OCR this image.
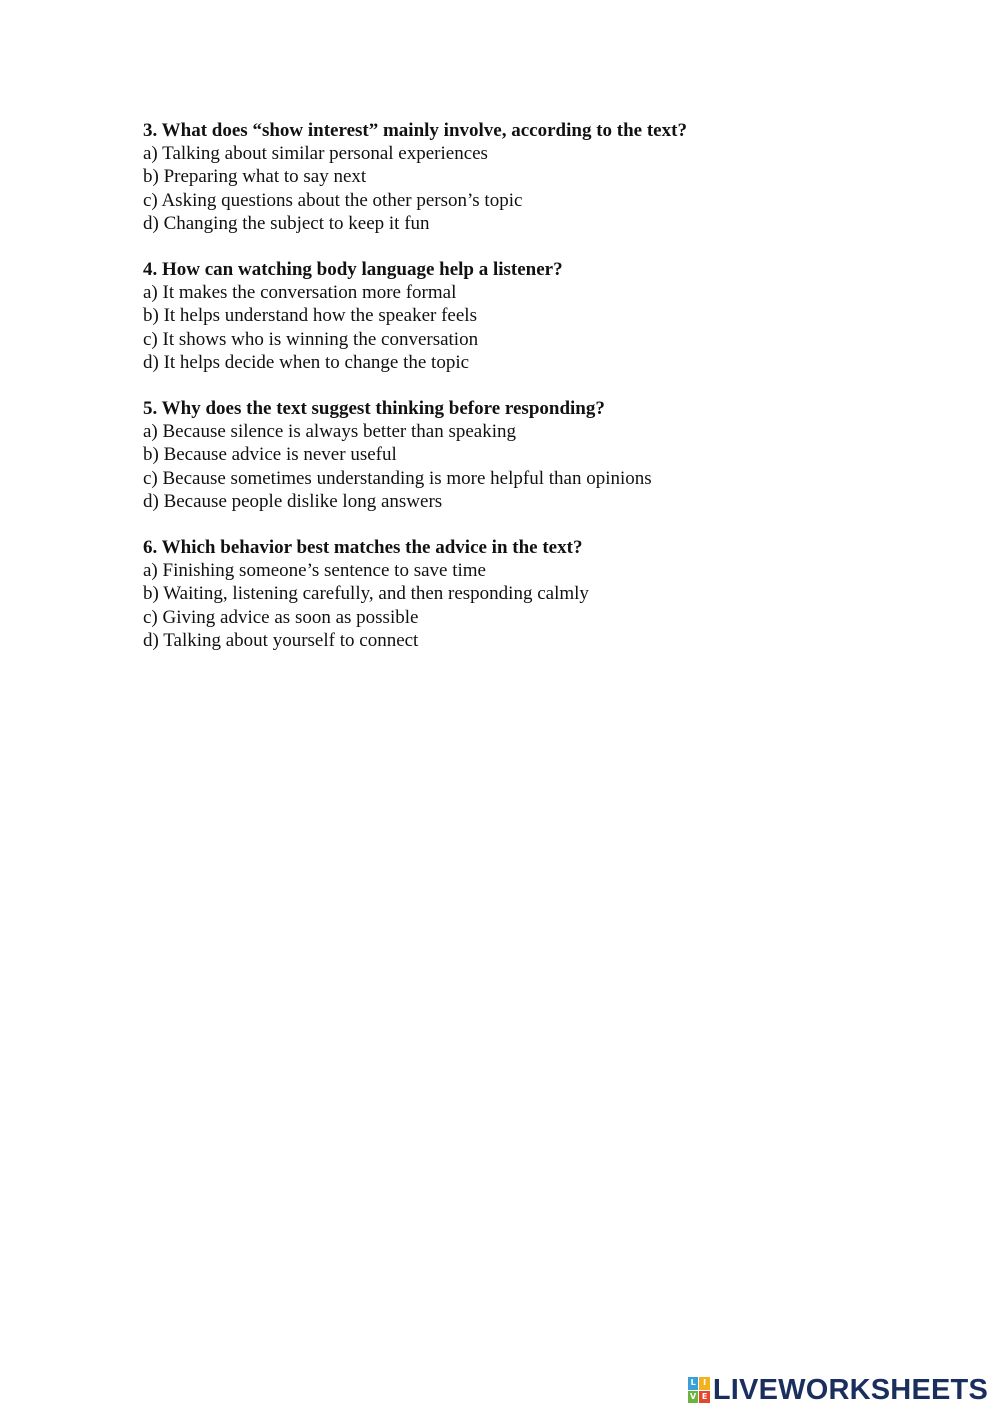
3. What does “show interest” mainly involve, according to the text?

a) Talking about similar personal experiences

b) Preparing what to say next

c) Asking questions about the other person’s topic

d) Changing the subject to keep it fun

4. How can watching body language help a listener?

a) It makes the conversation more formal

b) It helps understand how the speaker feels

c) It shows who is winning the conversation

d) It helps decide when to change the topic

5. Why does the text suggest thinking before responding?

a) Because silence is always better than speaking

b) Because advice is never useful

c) Because sometimes understanding is more helpful than opinions

d) Because people dislike long answers

6. Which behavior best matches the advice in the text?

a) Finishing someone’s sentence to save time

b) Waiting, listening carefully, and then responding calmly

c) Giving advice as soon as possible

d) Talking about yourself to connect

L I
V E LIVEWORKSHEETS
